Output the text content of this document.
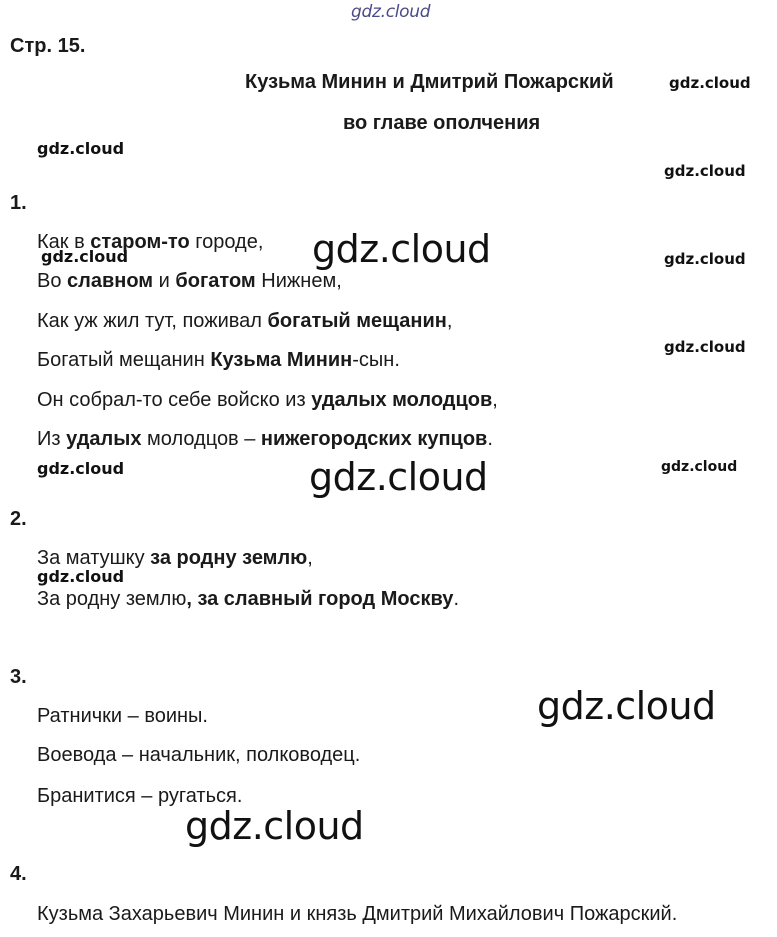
gdz.cloud
Стр. 15.
Кузьма Минин и Дмитрий Пожарский
во главе ополчения
1.
2.
3.
4.
Как в старом-то городе,
Во славном и богатом Нижнем,
Как уж жил тут, поживал богатый мещанин,
Богатый мещанин Кузьма Минин-сын.
Он собрал-то себе войско из удалых молодцов,
Из удалых молодцов – нижегородских купцов.
За матушку за родну землю,
За родну землю, за славный город Москву.
Ратнички – воины.
Воевода – начальник, полководец.
Бранитися – ругаться.
Кузьма Захарьевич Минин и князь Дмитрий Михайлович Пожарский.
gdz.cloud
gdz.cloud
gdz.cloud
gdz.cloud	gdz.cloud
gdz.cloud
gdz.cloud	gdz.cloud
gdz.cloud
gdz.cloud
gdz.cloud
gdz.cloud
gdz.cloud
